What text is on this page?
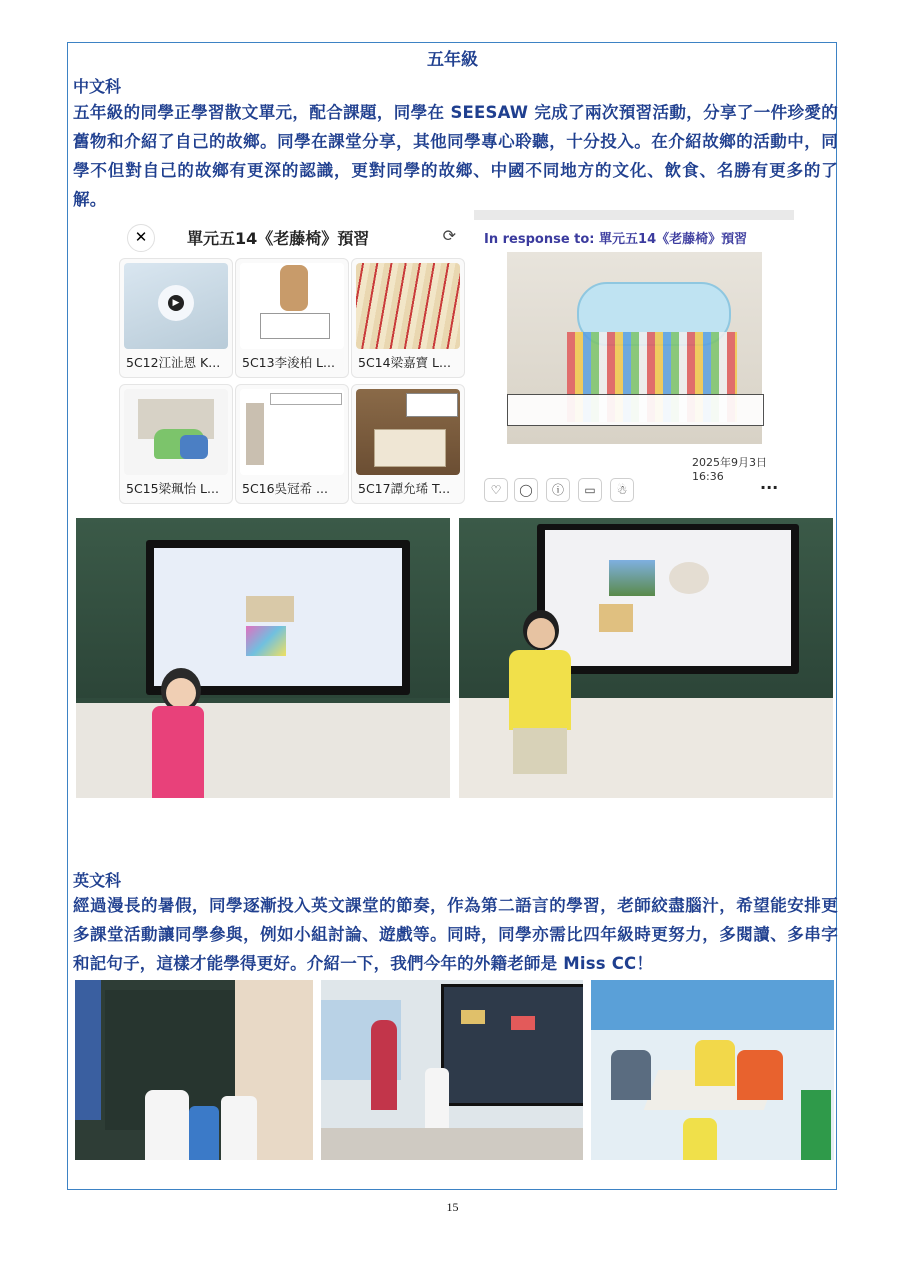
五年級
中文科
五年級的同學正學習散文單元，配合課題，同學在 SEESAW 完成了兩次預習活動，分享了一件珍愛的舊物和介紹了自己的故鄉。同學在課堂分享，其他同學專心聆聽，十分投入。在介紹故鄉的活動中，同學不但對自己的故鄉有更深的認識，更對同學的故鄉、中國不同地方的文化、飲食、名勝有更多的了解。
✕	單元五14《老藤椅》預習	⟳
▶
5C12江沚恩 K... 5C13李浚柏 L... 5C14梁嘉寶 L...
5C15梁珮怡 L... 5C16吳冠希 ... 5C17譚允琋 T...
In response to: 單元五14《老藤椅》預習
2025年9月3日 16:36
♡	◯	ⓘ	▭	☃	···
英文科
經過漫長的暑假，同學逐漸投入英文課堂的節奏，作為第二語言的學習，老師絞盡腦汁，希望能安排更多課堂活動讓同學參與，例如小組討論、遊戲等。同時，同學亦需比四年級時更努力，多閱讀、多串字和記句子，這樣才能學得更好。介紹一下，我們今年的外籍老師是 Miss CC！
15
